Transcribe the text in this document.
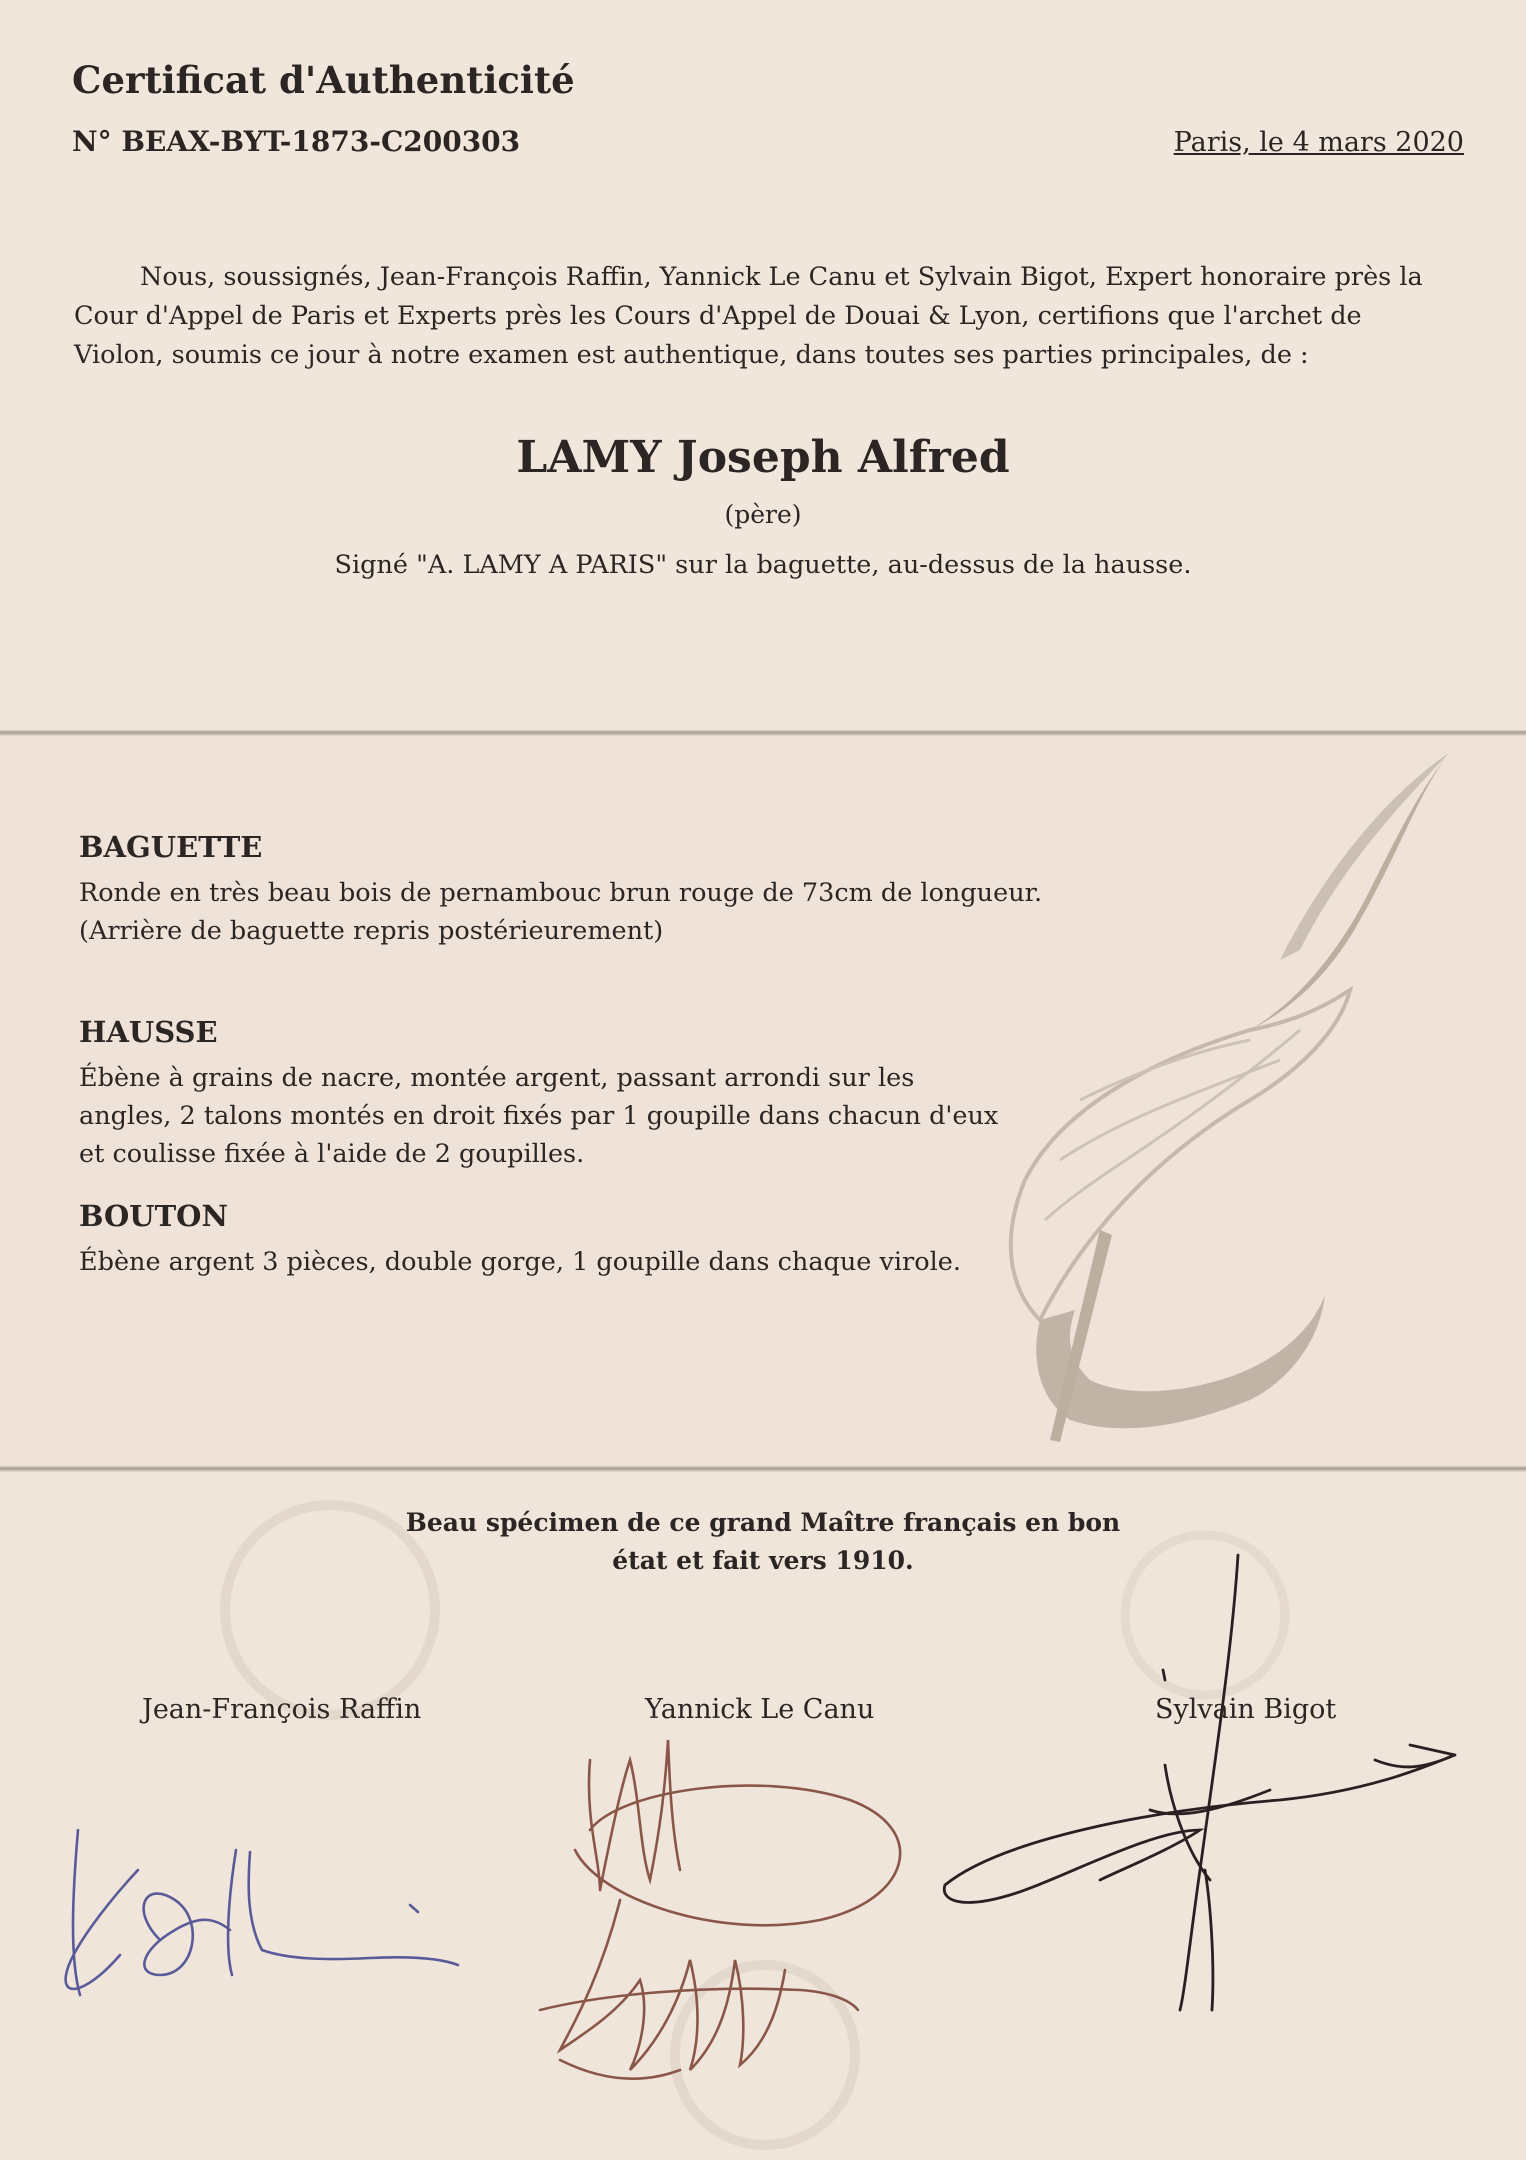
Certificat d'Authenticité
N° BEAX-BYT-1873-C200303	Paris, le 4 mars 2020
Nous, soussignés, Jean-François Raffin, Yannick Le Canu et Sylvain Bigot, Expert honoraire près la Cour d'Appel de Paris et Experts près les Cours d'Appel de Douai & Lyon, certifions que l'archet de Violon, soumis ce jour à notre examen est authentique, dans toutes ses parties principales, de :
LAMY Joseph Alfred
(père)
Signé "A. LAMY A PARIS" sur la baguette, au-dessus de la hausse.
BAGUETTE
Ronde en très beau bois de pernambouc brun rouge de 73cm de longueur.
(Arrière de baguette repris postérieurement)
HAUSSE
Ébène à grains de nacre, montée argent, passant arrondi sur les angles, 2 talons montés en droit fixés par 1 goupille dans chacun d'eux et coulisse fixée à l'aide de 2 goupilles.
BOUTON
Ébène argent 3 pièces, double gorge, 1 goupille dans chaque virole.
Beau spécimen de ce grand Maître français en bon état et fait vers 1910.
Jean-François Raffin	Yannick Le Canu	Sylvain Bigot
